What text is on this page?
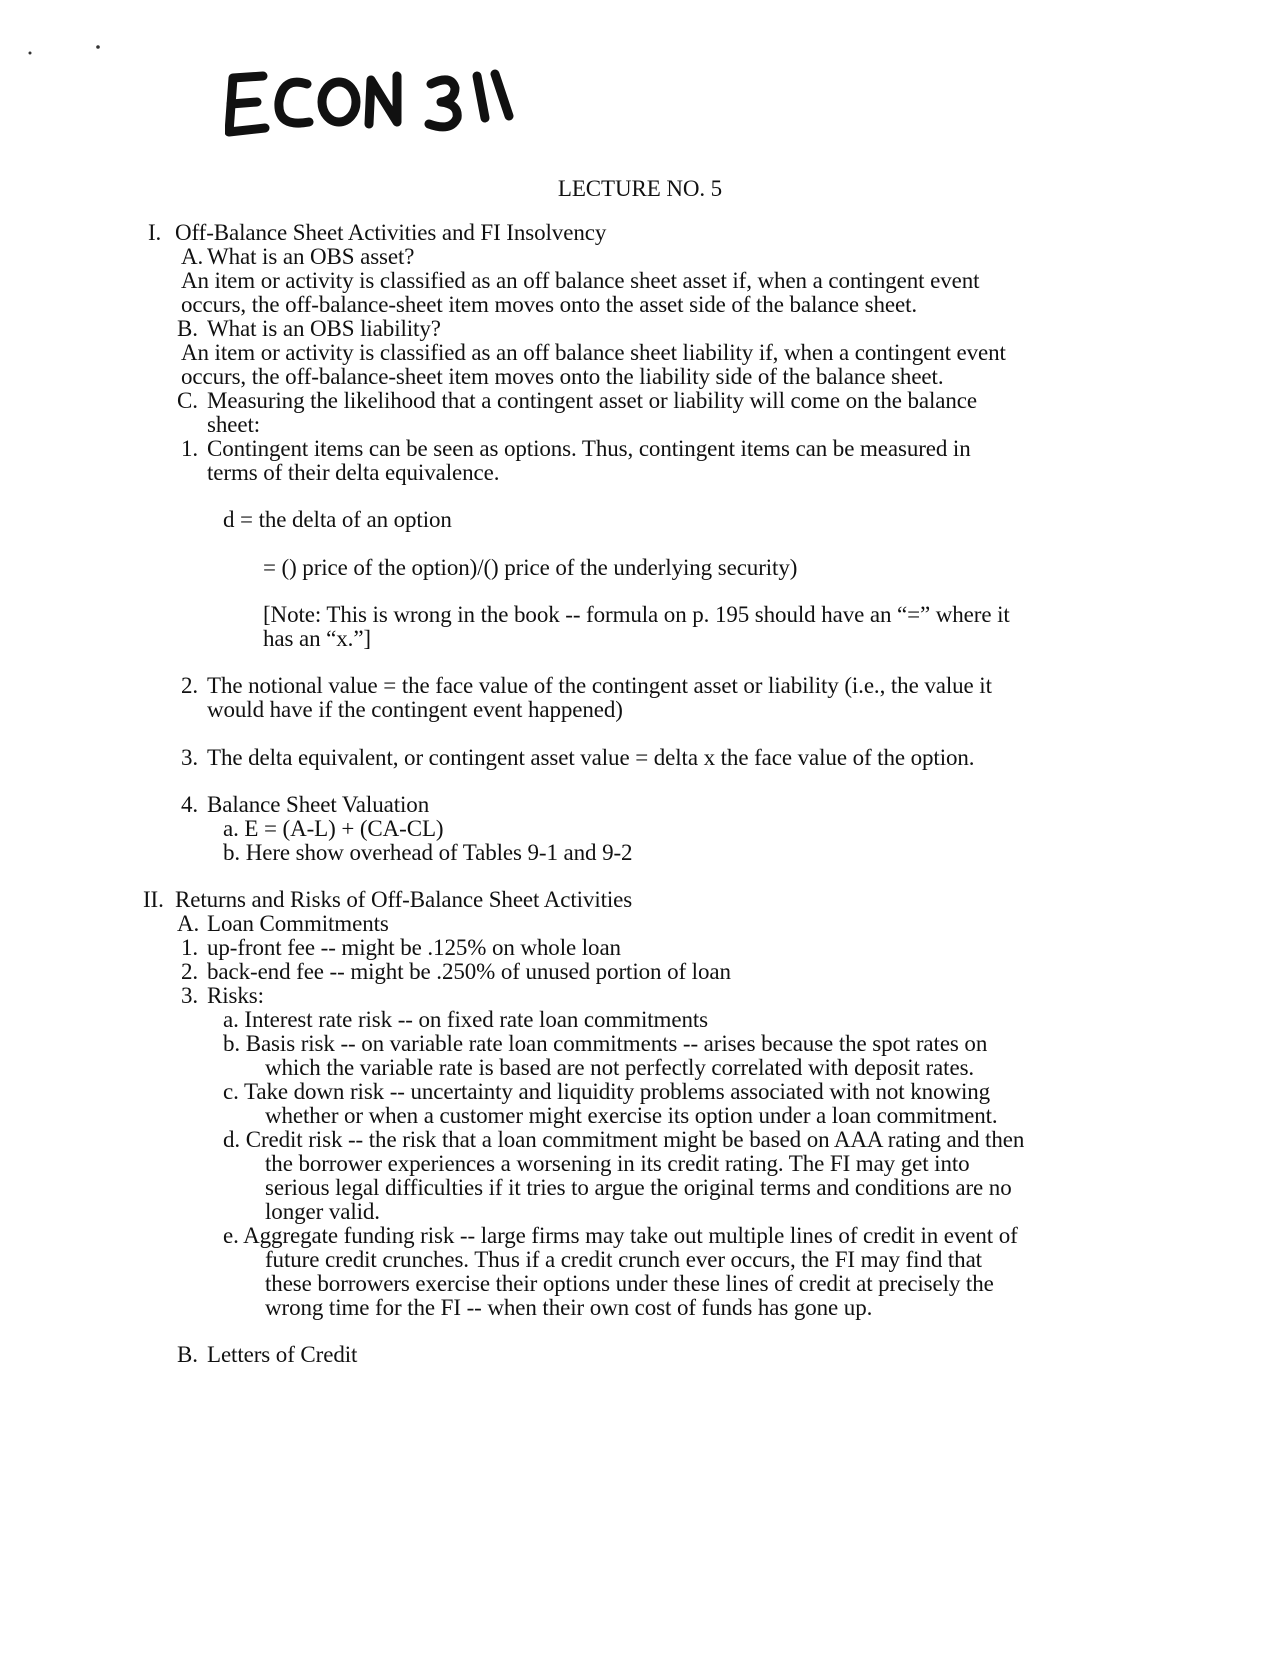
LECTURE NO. 5
I. Off-Balance Sheet Activities and FI Insolvency
A. What is an OBS asset?
An item or activity is classified as an off balance sheet asset if, when a contingent event
occurs, the off-balance-sheet item moves onto the asset side of the balance sheet.
B. What is an OBS liability?
An item or activity is classified as an off balance sheet liability if, when a contingent event
occurs, the off-balance-sheet item moves onto the liability side of the balance sheet.
C. Measuring the likelihood that a contingent asset or liability will come on the balance
sheet:
1. Contingent items can be seen as options. Thus, contingent items can be measured in
terms of their delta equivalence.
d = the delta of an option
= () price of the option)/() price of the underlying security)
[Note: This is wrong in the book -- formula on p. 195 should have an “=” where it
has an “x.”]
2. The notional value = the face value of the contingent asset or liability (i.e., the value it
would have if the contingent event happened)
3. The delta equivalent, or contingent asset value = delta x the face value of the option.
4. Balance Sheet Valuation
a. E = (A-L) + (CA-CL)
b. Here show overhead of Tables 9-1 and 9-2
II. Returns and Risks of Off-Balance Sheet Activities
A. Loan Commitments
1. up-front fee -- might be .125% on whole loan
2. back-end fee -- might be .250% of unused portion of loan
3. Risks:
a. Interest rate risk -- on fixed rate loan commitments
b. Basis risk -- on variable rate loan commitments -- arises because the spot rates on
which the variable rate is based are not perfectly correlated with deposit rates.
c. Take down risk -- uncertainty and liquidity problems associated with not knowing
whether or when a customer might exercise its option under a loan commitment.
d. Credit risk -- the risk that a loan commitment might be based on AAA rating and then
the borrower experiences a worsening in its credit rating. The FI may get into
serious legal difficulties if it tries to argue the original terms and conditions are no
longer valid.
e. Aggregate funding risk -- large firms may take out multiple lines of credit in event of
future credit crunches. Thus if a credit crunch ever occurs, the FI may find that
these borrowers exercise their options under these lines of credit at precisely the
wrong time for the FI -- when their own cost of funds has gone up.
B. Letters of Credit
